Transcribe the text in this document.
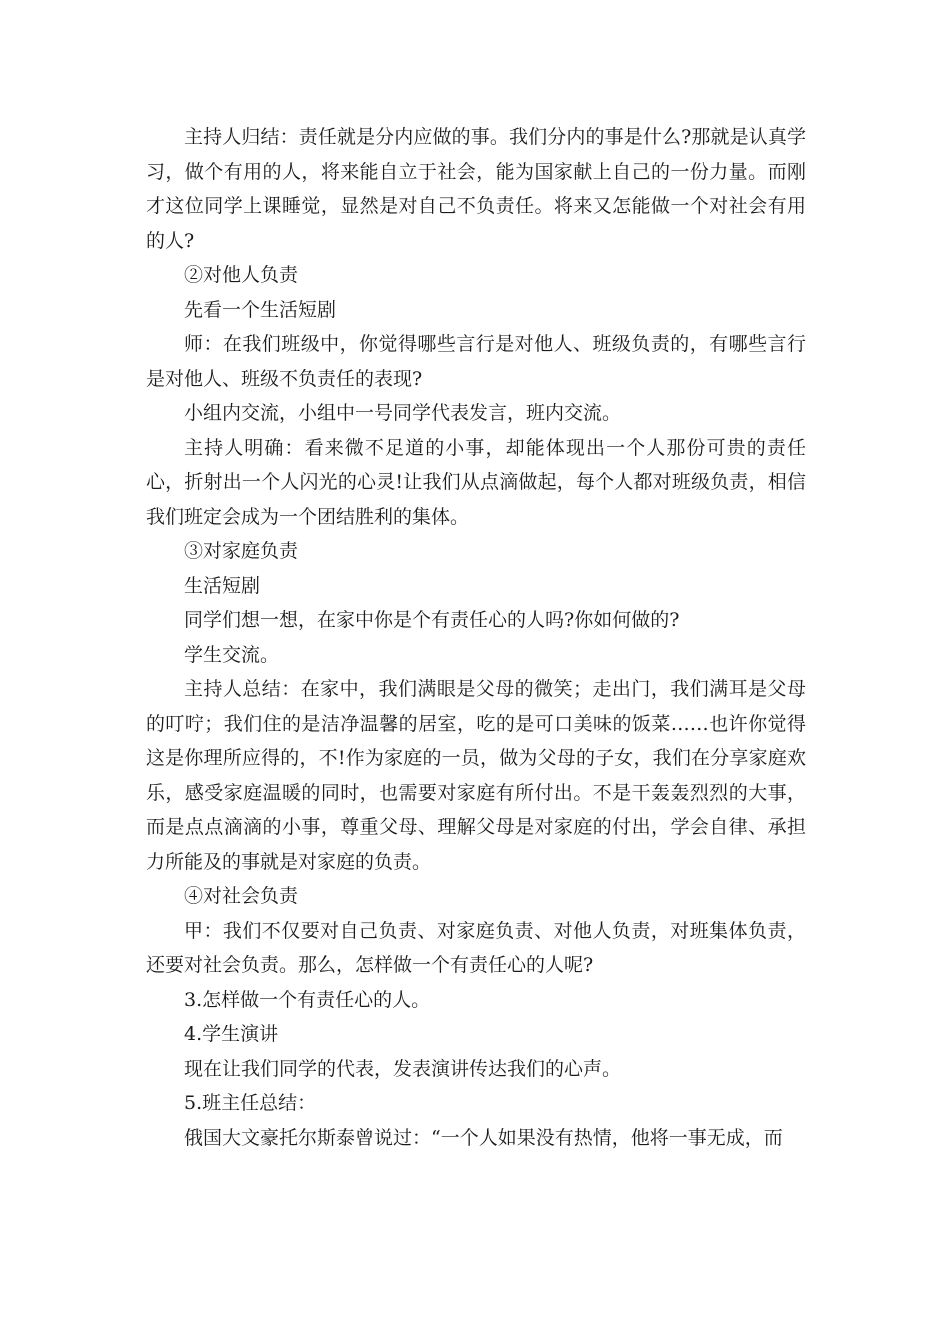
主持人归结：责任就是分内应做的事。我们分内的事是什么?那就是认真学习，做个有用的人，将来能自立于社会，能为国家献上自己的一份力量。而刚才这位同学上课睡觉，显然是对自己不负责任。将来又怎能做一个对社会有用的人?

②对他人负责

先看一个生活短剧

师：在我们班级中，你觉得哪些言行是对他人、班级负责的，有哪些言行是对他人、班级不负责任的表现?

小组内交流，小组中一号同学代表发言，班内交流。

主持人明确：看来微不足道的小事，却能体现出一个人那份可贵的责任心，折射出一个人闪光的心灵!让我们从点滴做起，每个人都对班级负责，相信我们班定会成为一个团结胜利的集体。

③对家庭负责

生活短剧

同学们想一想，在家中你是个有责任心的人吗?你如何做的?

学生交流。

主持人总结：在家中，我们满眼是父母的微笑；走出门，我们满耳是父母的叮咛；我们住的是洁净温馨的居室，吃的是可口美味的饭菜……也许你觉得这是你理所应得的，不!作为家庭的一员，做为父母的子女，我们在分享家庭欢乐，感受家庭温暖的同时，也需要对家庭有所付出。不是干轰轰烈烈的大事，而是点点滴滴的小事，尊重父母、理解父母是对家庭的付出，学会自律、承担力所能及的事就是对家庭的负责。

④对社会负责

甲：我们不仅要对自己负责、对家庭负责、对他人负责，对班集体负责，还要对社会负责。那么，怎样做一个有责任心的人呢?

3.怎样做一个有责任心的人。

4.学生演讲

现在让我们同学的代表，发表演讲传达我们的心声。

5.班主任总结：

俄国大文豪托尔斯泰曾说过：“一个人如果没有热情，他将一事无成，而
